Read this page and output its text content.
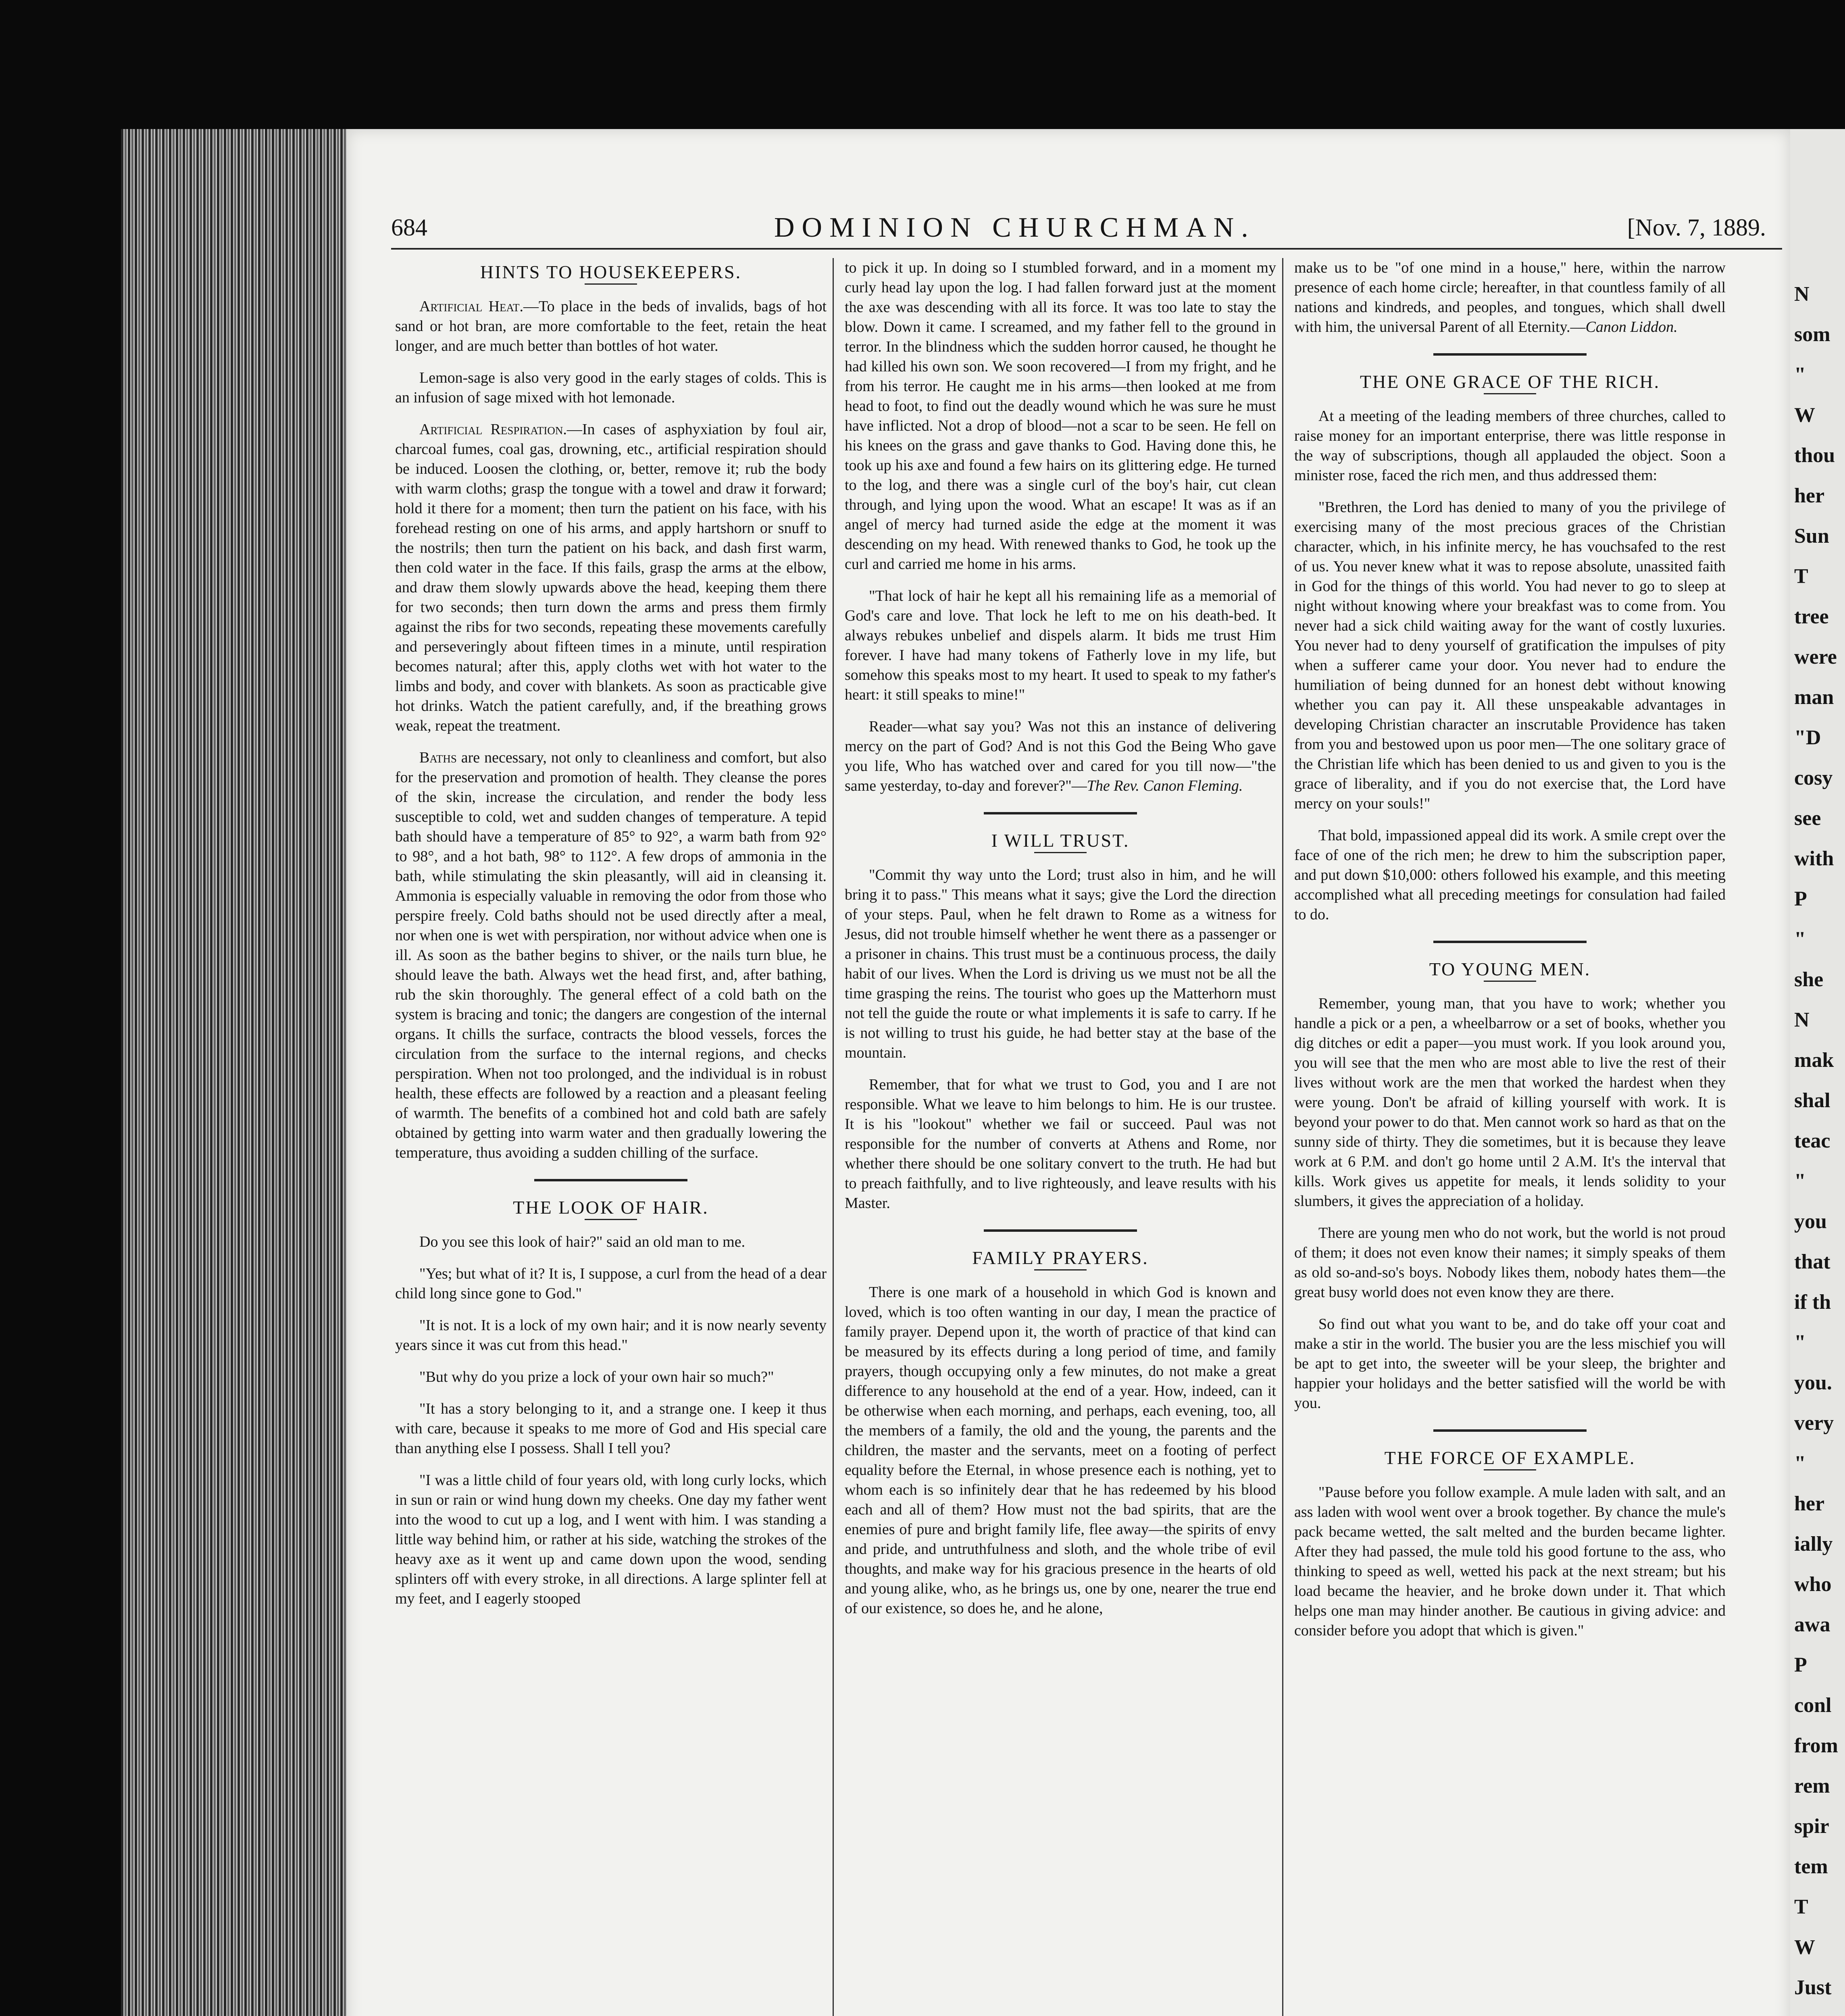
684	DOMINION CHURCHMAN.	[Nov. 7, 1889.
HINTS TO HOUSEKEEPERS.

Artificial Heat.—To place in the beds of invalids, bags of hot sand or hot bran, are more comfortable to the feet, retain the heat longer, and are much better than bottles of hot water.

Lemon-sage is also very good in the early stages of colds. This is an infusion of sage mixed with hot lemonade.

Artificial Respiration.—In cases of asphyxiation by foul air, charcoal fumes, coal gas, drowning, etc., artificial respiration should be induced. Loosen the clothing, or, better, remove it; rub the body with warm cloths; grasp the tongue with a towel and draw it forward; hold it there for a moment; then turn the patient on his face, with his forehead resting on one of his arms, and apply hartshorn or snuff to the nostrils; then turn the patient on his back, and dash first warm, then cold water in the face. If this fails, grasp the arms at the elbow, and draw them slowly upwards above the head, keeping them there for two seconds; then turn down the arms and press them firmly against the ribs for two seconds, repeating these movements carefully and perseveringly about fifteen times in a minute, until respiration becomes natural; after this, apply cloths wet with hot water to the limbs and body, and cover with blankets. As soon as practicable give hot drinks. Watch the patient carefully, and, if the breathing grows weak, repeat the treatment.

Baths are necessary, not only to cleanliness and comfort, but also for the preservation and promotion of health. They cleanse the pores of the skin, increase the circulation, and render the body less susceptible to cold, wet and sudden changes of temperature. A tepid bath should have a temperature of 85° to 92°, a warm bath from 92° to 98°, and a hot bath, 98° to 112°. A few drops of ammonia in the bath, while stimulating the skin pleasantly, will aid in cleansing it. Ammonia is especially valuable in removing the odor from those who perspire freely. Cold baths should not be used directly after a meal, nor when one is wet with perspiration, nor without advice when one is ill. As soon as the bather begins to shiver, or the nails turn blue, he should leave the bath. Always wet the head first, and, after bathing, rub the skin thoroughly. The general effect of a cold bath on the system is bracing and tonic; the dangers are congestion of the internal organs. It chills the surface, contracts the blood vessels, forces the circulation from the surface to the internal regions, and checks perspiration. When not too prolonged, and the individual is in robust health, these effects are followed by a reaction and a pleasant feeling of warmth. The benefits of a combined hot and cold bath are safely obtained by getting into warm water and then gradually lowering the temperature, thus avoiding a sudden chilling of the surface.

THE LOOK OF HAIR.

Do you see this look of hair?" said an old man to me.

"Yes; but what of it? It is, I suppose, a curl from the head of a dear child long since gone to God."

"It is not. It is a lock of my own hair; and it is now nearly seventy years since it was cut from this head."

"But why do you prize a lock of your own hair so much?"

"It has a story belonging to it, and a strange one. I keep it thus with care, because it speaks to me more of God and His special care than anything else I possess. Shall I tell you?

"I was a little child of four years old, with long curly locks, which in sun or rain or wind hung down my cheeks. One day my father went into the wood to cut up a log, and I went with him. I was standing a little way behind him, or rather at his side, watching the strokes of the heavy axe as it went up and came down upon the wood, sending splinters off with every stroke, in all directions. A large splinter fell at my feet, and I eagerly stooped

to pick it up. In doing so I stumbled forward, and in a moment my curly head lay upon the log. I had fallen forward just at the moment the axe was descending with all its force. It was too late to stay the blow. Down it came. I screamed, and my father fell to the ground in terror. In the blindness which the sudden horror caused, he thought he had killed his own son. We soon recovered—I from my fright, and he from his terror. He caught me in his arms—then looked at me from head to foot, to find out the deadly wound which he was sure he must have inflicted. Not a drop of blood—not a scar to be seen. He fell on his knees on the grass and gave thanks to God. Having done this, he took up his axe and found a few hairs on its glittering edge. He turned to the log, and there was a single curl of the boy's hair, cut clean through, and lying upon the wood. What an escape! It was as if an angel of mercy had turned aside the edge at the moment it was descending on my head. With renewed thanks to God, he took up the curl and carried me home in his arms.

"That lock of hair he kept all his remaining life as a memorial of God's care and love. That lock he left to me on his death-bed. It always rebukes unbelief and dispels alarm. It bids me trust Him forever. I have had many tokens of Fatherly love in my life, but somehow this speaks most to my heart. It used to speak to my father's heart: it still speaks to mine!"

Reader—what say you? Was not this an instance of delivering mercy on the part of God? And is not this God the Being Who gave you life, Who has watched over and cared for you till now—"the same yesterday, to-day and forever?"—The Rev. Canon Fleming.

I WILL TRUST.

"Commit thy way unto the Lord; trust also in him, and he will bring it to pass." This means what it says; give the Lord the direction of your steps. Paul, when he felt drawn to Rome as a witness for Jesus, did not trouble himself whether he went there as a passenger or a prisoner in chains. This trust must be a continuous process, the daily habit of our lives. When the Lord is driving us we must not be all the time grasping the reins. The tourist who goes up the Matterhorn must not tell the guide the route or what implements it is safe to carry. If he is not willing to trust his guide, he had better stay at the base of the mountain.

Remember, that for what we trust to God, you and I are not responsible. What we leave to him belongs to him. He is our trustee. It is his "lookout" whether we fail or succeed. Paul was not responsible for the number of converts at Athens and Rome, nor whether there should be one solitary convert to the truth. He had but to preach faithfully, and to live righteously, and leave results with his Master.

FAMILY PRAYERS.

There is one mark of a household in which God is known and loved, which is too often wanting in our day, I mean the practice of family prayer. Depend upon it, the worth of practice of that kind can be measured by its effects during a long period of time, and family prayers, though occupying only a few minutes, do not make a great difference to any household at the end of a year. How, indeed, can it be otherwise when each morning, and perhaps, each evening, too, all the members of a family, the old and the young, the parents and the children, the master and the servants, meet on a footing of perfect equality before the Eternal, in whose presence each is nothing, yet to whom each is so infinitely dear that he has redeemed by his blood each and all of them? How must not the bad spirits, that are the enemies of pure and bright family life, flee away—the spirits of envy and pride, and untruthfulness and sloth, and the whole tribe of evil thoughts, and make way for his gracious presence in the hearts of old and young alike, who, as he brings us, one by one, nearer the true end of our existence, so does he, and he alone,

make us to be "of one mind in a house," here, within the narrow presence of each home circle; hereafter, in that countless family of all nations and kindreds, and peoples, and tongues, which shall dwell with him, the universal Parent of all Eternity.—Canon Liddon.

THE ONE GRACE OF THE RICH.

At a meeting of the leading members of three churches, called to raise money for an important enterprise, there was little response in the way of subscriptions, though all applauded the object. Soon a minister rose, faced the rich men, and thus addressed them:

"Brethren, the Lord has denied to many of you the privilege of exercising many of the most precious graces of the Christian character, which, in his infinite mercy, he has vouchsafed to the rest of us. You never knew what it was to repose absolute, unassited faith in God for the things of this world. You had never to go to sleep at night without knowing where your breakfast was to come from. You never had a sick child waiting away for the want of costly luxuries. You never had to deny yourself of gratification the impulses of pity when a sufferer came your door. You never had to endure the humiliation of being dunned for an honest debt without knowing whether you can pay it. All these unspeakable advantages in developing Christian character an inscrutable Providence has taken from you and bestowed upon us poor men—The one solitary grace of the Christian life which has been denied to us and given to you is the grace of liberality, and if you do not exercise that, the Lord have mercy on your souls!"

That bold, impassioned appeal did its work. A smile crept over the face of one of the rich men; he drew to him the subscription paper, and put down $10,000: others followed his example, and this meeting accomplished what all preceding meetings for consulation had failed to do.

TO YOUNG MEN.

Remember, young man, that you have to work; whether you handle a pick or a pen, a wheelbarrow or a set of books, whether you dig ditches or edit a paper—you must work. If you look around you, you will see that the men who are most able to live the rest of their lives without work are the men that worked the hardest when they were young. Don't be afraid of killing yourself with work. It is beyond your power to do that. Men cannot work so hard as that on the sunny side of thirty. They die sometimes, but it is because they leave work at 6 P.M. and don't go home until 2 A.M. It's the interval that kills. Work gives us appetite for meals, it lends solidity to your slumbers, it gives the appreciation of a holiday.

There are young men who do not work, but the world is not proud of them; it does not even know their names; it simply speaks of them as old so-and-so's boys. Nobody likes them, nobody hates them—the great busy world does not even know they are there.

So find out what you want to be, and do take off your coat and make a stir in the world. The busier you are the less mischief you will be apt to get into, the sweeter will be your sleep, the brighter and happier your holidays and the better satisfied will the world be with you.

THE FORCE OF EXAMPLE.

"Pause before you follow example. A mule laden with salt, and an ass laden with wool went over a brook together. By chance the mule's pack became wetted, the salt melted and the burden became lighter. After they had passed, the mule told his good fortune to the ass, who thinking to speed as well, wetted his pack at the next stream; but his load became the heavier, and he broke down under it. That which helps one man may hinder another. Be cautious in giving advice: and consider before you adopt that which is given."

N
som
"
W
thou
her
Sun
T
tree
were
man
"D
cosy
see
with
P
"
she
N
mak
shal
teac
"
you
that
if th
"
you.
very
"
her
ially
who
awa
P
conl
from
rem
spir
tem
T
W
Just
